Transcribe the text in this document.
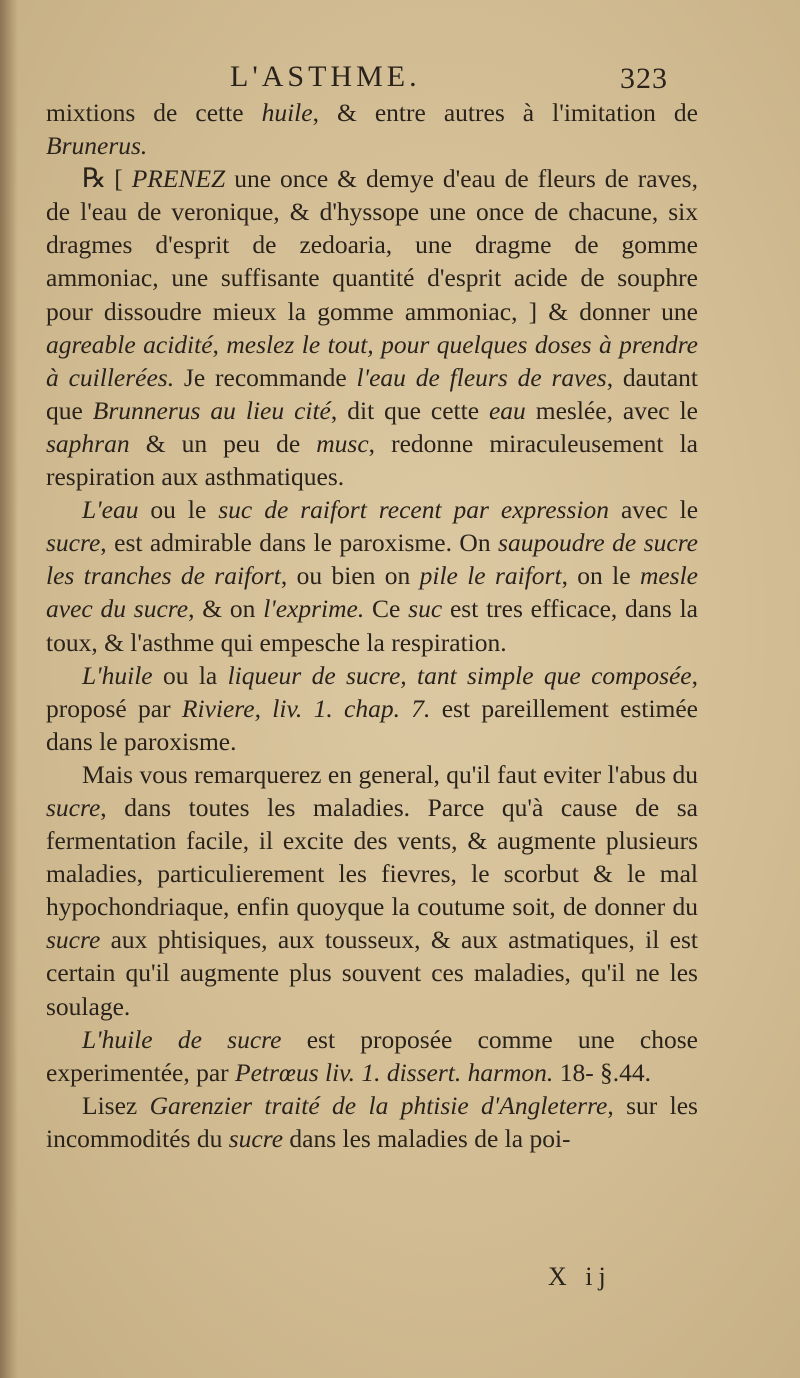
L'ASTHME.	323

mixtions de cette huile, & entre autres à l'imitation de Brunerus.

℞ [ PRENEZ une once & demye d'eau de fleurs de raves, de l'eau de veronique, & d'hyssope une once de chacune, six dragmes d'esprit de zedoaria, une dragme de gomme ammoniac, une suffisante quantité d'esprit acide de souphre pour dissoudre mieux la gomme ammoniac, ] & donner une agreable acidité, meslez le tout, pour quelques doses à prendre à cuillerées. Je recommande l'eau de fleurs de raves, dautant que Brunnerus au lieu cité, dit que cette eau meslée, avec le saphran & un peu de musc, redonne miraculeusement la respiration aux asthmatiques.

L'eau ou le suc de raifort recent par expression avec le sucre, est admirable dans le paroxisme. On saupoudre de sucre les tranches de raifort, ou bien on pile le raifort, on le mesle avec du sucre, & on l'exprime. Ce suc est tres efficace, dans la toux, & l'asthme qui empesche la respiration.

L'huile ou la liqueur de sucre, tant simple que composée, proposé par Riviere, liv. 1. chap. 7. est pareillement estimée dans le paroxisme.

Mais vous remarquerez en general, qu'il faut eviter l'abus du sucre, dans toutes les maladies. Parce qu'à cause de sa fermentation facile, il excite des vents, & augmente plusieurs maladies, particulierement les fievres, le scorbut & le mal hypochondriaque, enfin quoyque la coutume soit, de donner du sucre aux phtisiques, aux tousseux, & aux astmatiques, il est certain qu'il augmente plus souvent ces maladies, qu'il ne les soulage.

L'huile de sucre est proposée comme une chose experimentée, par Petrœus liv. 1. dissert. harmon. 18- §.44.

Lisez Garenzier traité de la phtisie d'Angleterre, sur les incommodités du sucre dans les maladies de la poi-

X ij
